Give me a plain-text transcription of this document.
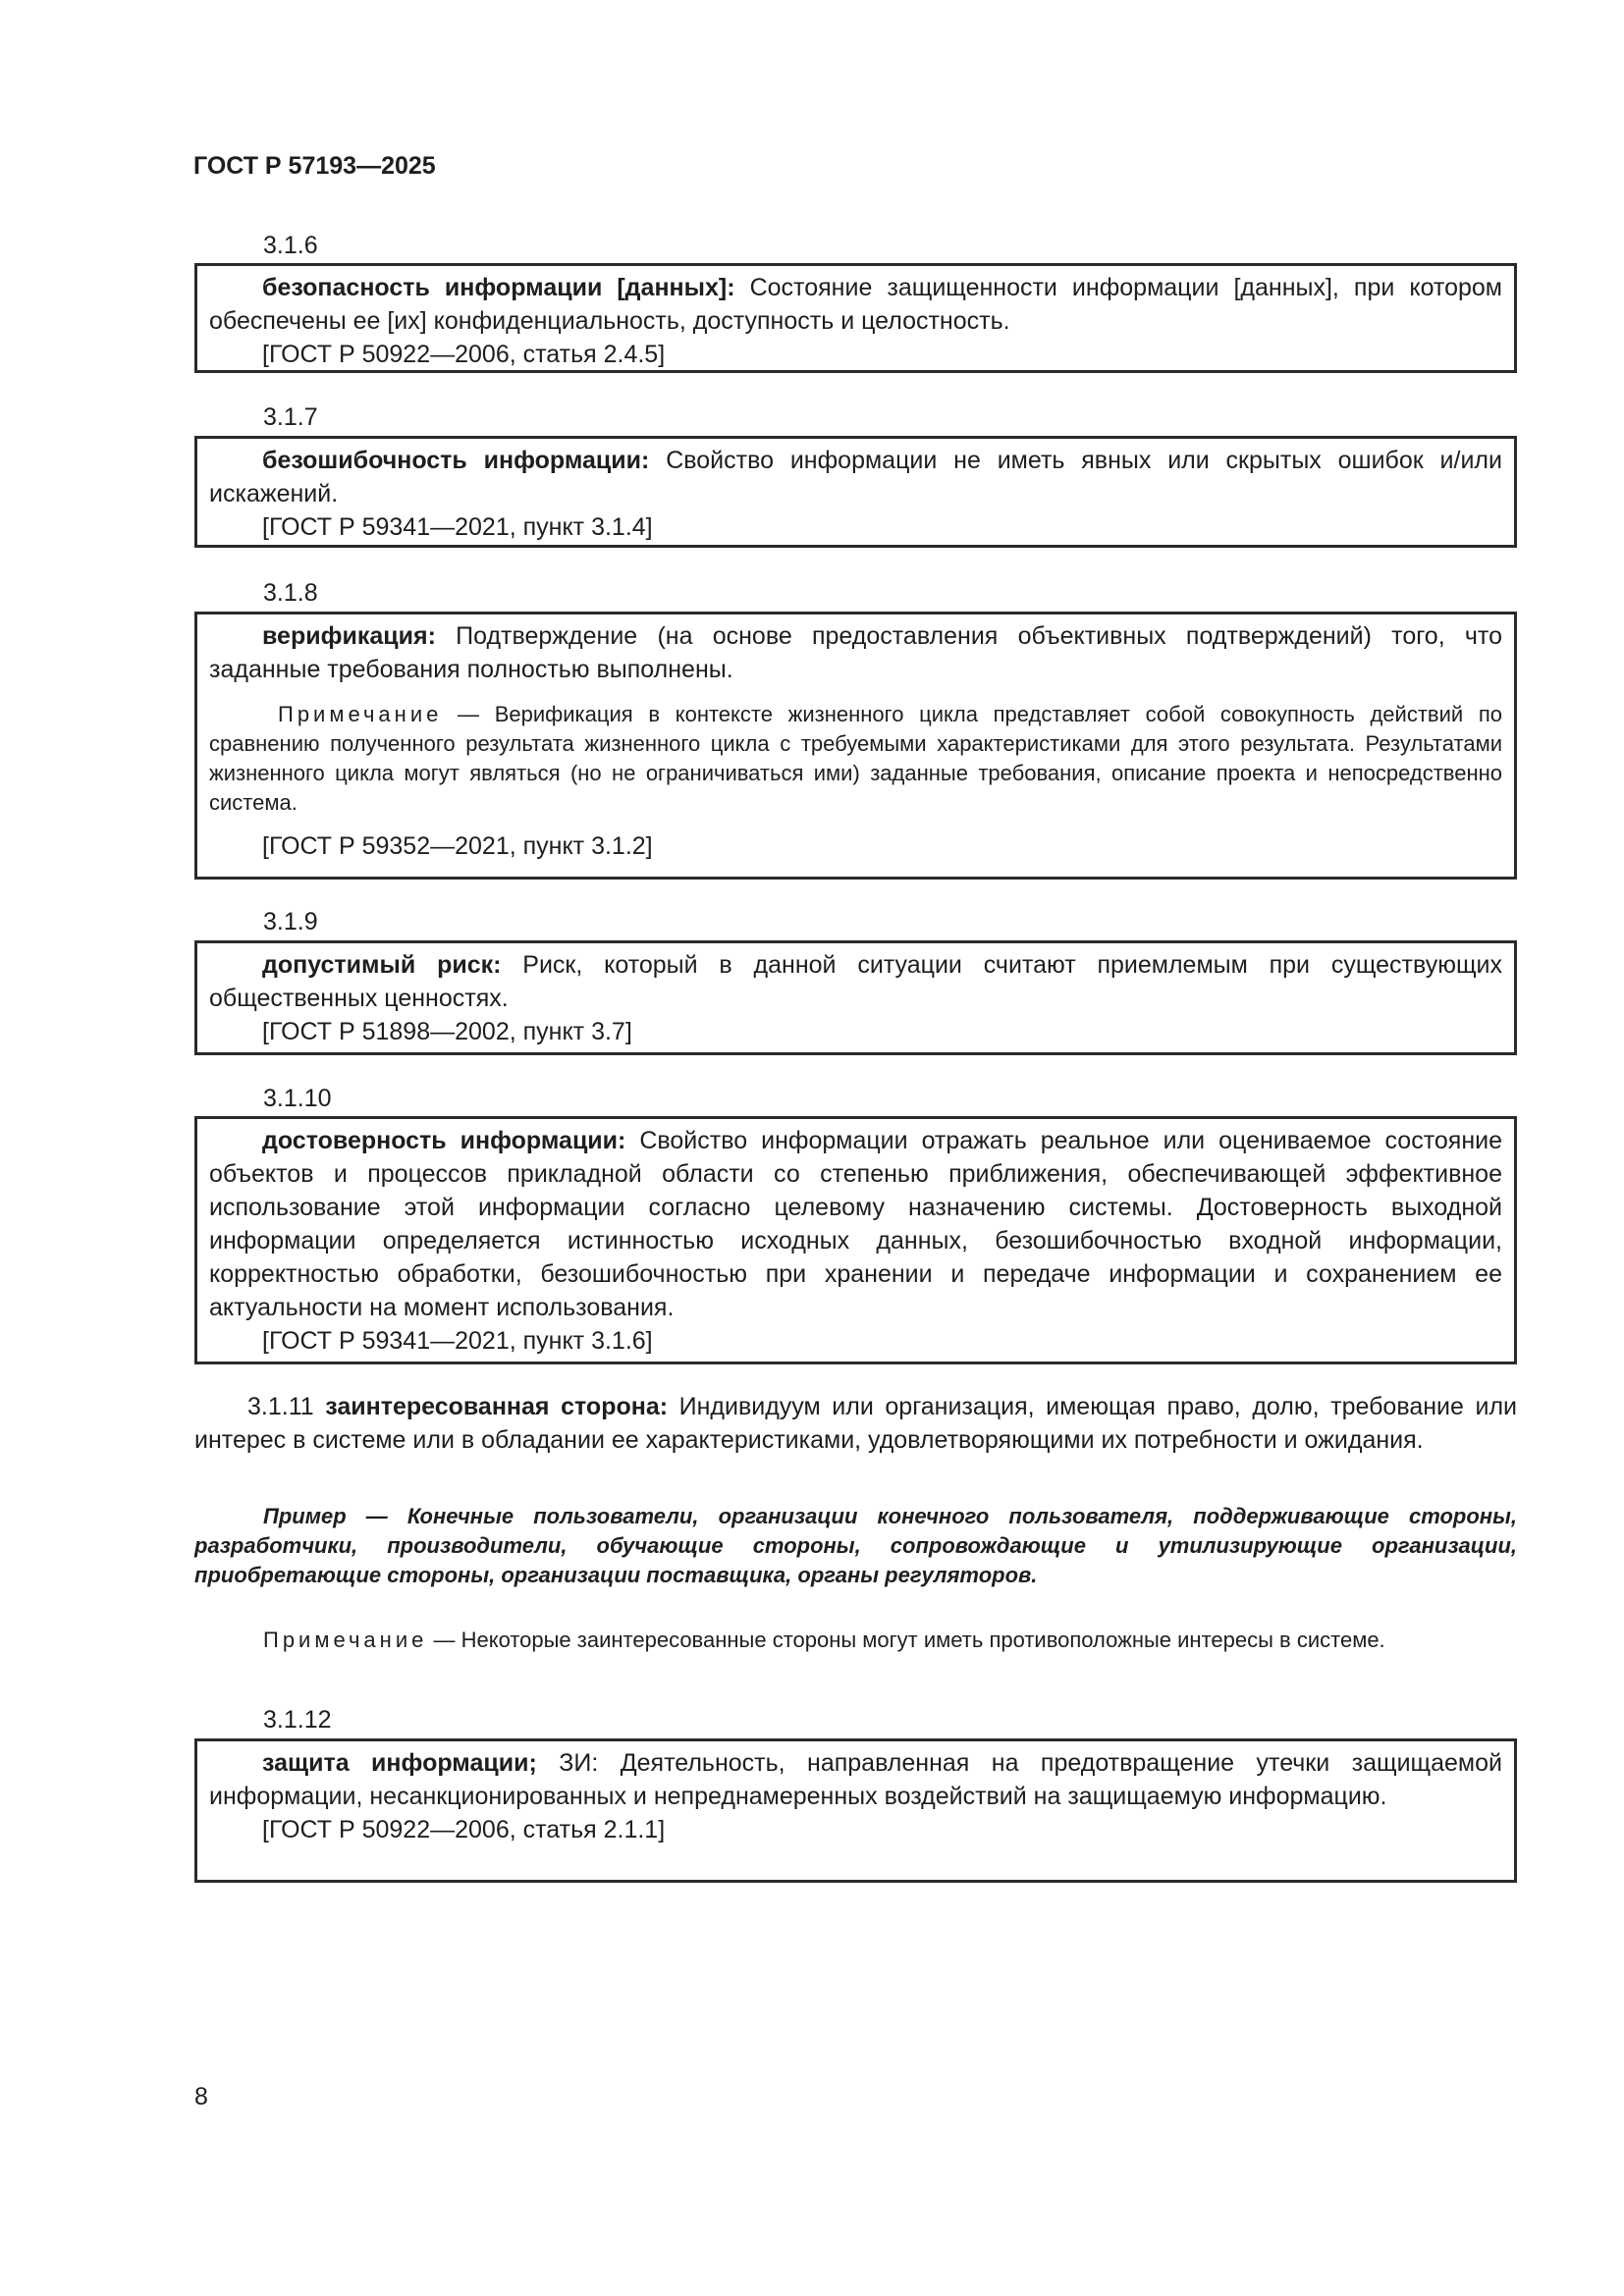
ГОСТ Р 57193—2025
3.1.6

безопасность информации [данных]: Состояние защищенности информации [данных], при котором обеспечены ее [их] конфиденциальность, доступность и целостность.

[ГОСТ Р 50922—2006, статья 2.4.5]

3.1.7

безошибочность информации: Свойство информации не иметь явных или скрытых ошибок и/или искажений.

[ГОСТ Р 59341—2021, пункт 3.1.4]

3.1.8

верификация: Подтверждение (на основе предоставления объективных подтверждений) того, что заданные требования полностью выполнены.

Примечание — Верификация в контексте жизненного цикла представляет собой совокупность действий по сравнению полученного результата жизненного цикла с требуемыми характеристиками для этого результата. Результатами жизненного цикла могут являться (но не ограничиваться ими) заданные требования, описание проекта и непосредственно система.

[ГОСТ Р 59352—2021, пункт 3.1.2]

3.1.9

допустимый риск: Риск, который в данной ситуации считают приемлемым при существующих общественных ценностях.

[ГОСТ Р 51898—2002, пункт 3.7]

3.1.10

достоверность информации: Свойство информации отражать реальное или оцениваемое состояние объектов и процессов прикладной области со степенью приближения, обеспечивающей эффективное использование этой информации согласно целевому назначению системы. Достоверность выходной информации определяется истинностью исходных данных, безошибочностью входной информации, корректностью обработки, безошибочностью при хранении и передаче информации и сохранением ее актуальности на момент использования.

[ГОСТ Р 59341—2021, пункт 3.1.6]

3.1.11 заинтересованная сторона: Индивидуум или организация, имеющая право, долю, требование или интерес в системе или в обладании ее характеристиками, удовлетворяющими их потребности и ожидания.

Пример — Конечные пользователи, организации конечного пользователя, поддерживающие стороны, разработчики, производители, обучающие стороны, сопровождающие и утилизирующие организации, приобретающие стороны, организации поставщика, органы регуляторов.

Примечание — Некоторые заинтересованные стороны могут иметь противоположные интересы в системе.

3.1.12

защита информации; ЗИ: Деятельность, направленная на предотвращение утечки защищаемой информации, несанкционированных и непреднамеренных воздействий на защищаемую информацию.

[ГОСТ Р 50922—2006, статья 2.1.1]

8
